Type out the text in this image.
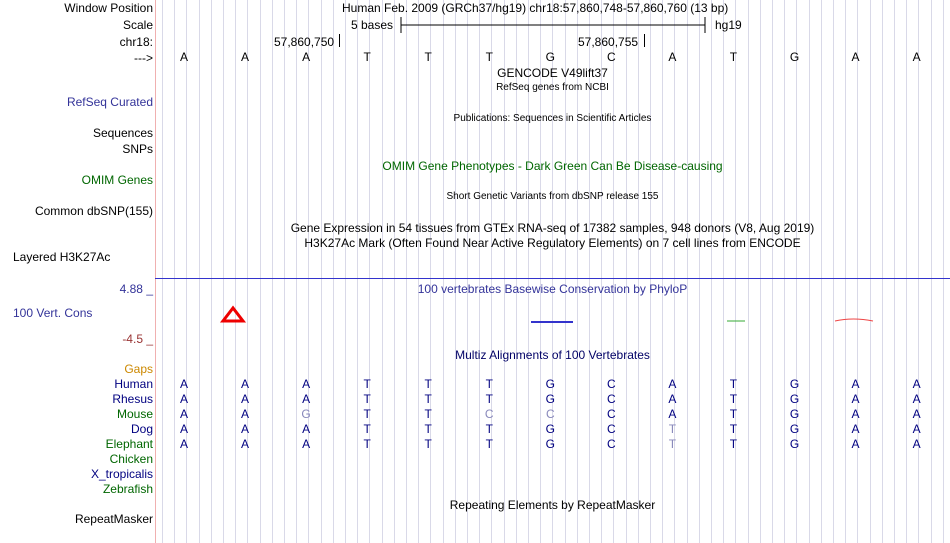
Window Position	Human Feb. 2009 (GRCh37/hg19) chr18:57,860,748-57,860,760 (13 bp)
Scale	5 bases	hg19
chr18:	57,860,750	57,860,755
--->	A	A	A	T	T	T	G	C	A	T	G	A	A
GENCODE V49lift37
RefSeq genes from NCBI
RefSeq Curated
Publications: Sequences in Scientific Articles
Sequences
SNPs
OMIM Gene Phenotypes - Dark Green Can Be Disease-causing
OMIM Genes
Short Genetic Variants from dbSNP release 155
Common dbSNP(155)
Gene Expression in 54 tissues from GTEx RNA-seq of 17382 samples, 948 donors (V8, Aug 2019)
H3K27Ac Mark (Often Found Near Active Regulatory Elements) on 7 cell lines from ENCODE
Layered H3K27Ac
4.88 _	100 vertebrates Basewise Conservation by PhyloP
100 Vert. Cons
-4.5 _
Multiz Alignments of 100 Vertebrates
Gaps
Human	A	A	A	T	T	T	G	C	A	T	G	A	A
Rhesus	A	A	A	T	T	T	G	C	A	T	G	A	A
Mouse	A	A	G	T	T	C	C	C	A	T	G	A	A
Dog	A	A	A	T	T	T	G	C	T	T	G	A	A
Elephant	A	A	A	T	T	T	G	C	T	T	G	A	A
Chicken
X_tropicalis
Zebrafish
Repeating Elements by RepeatMasker
RepeatMasker
